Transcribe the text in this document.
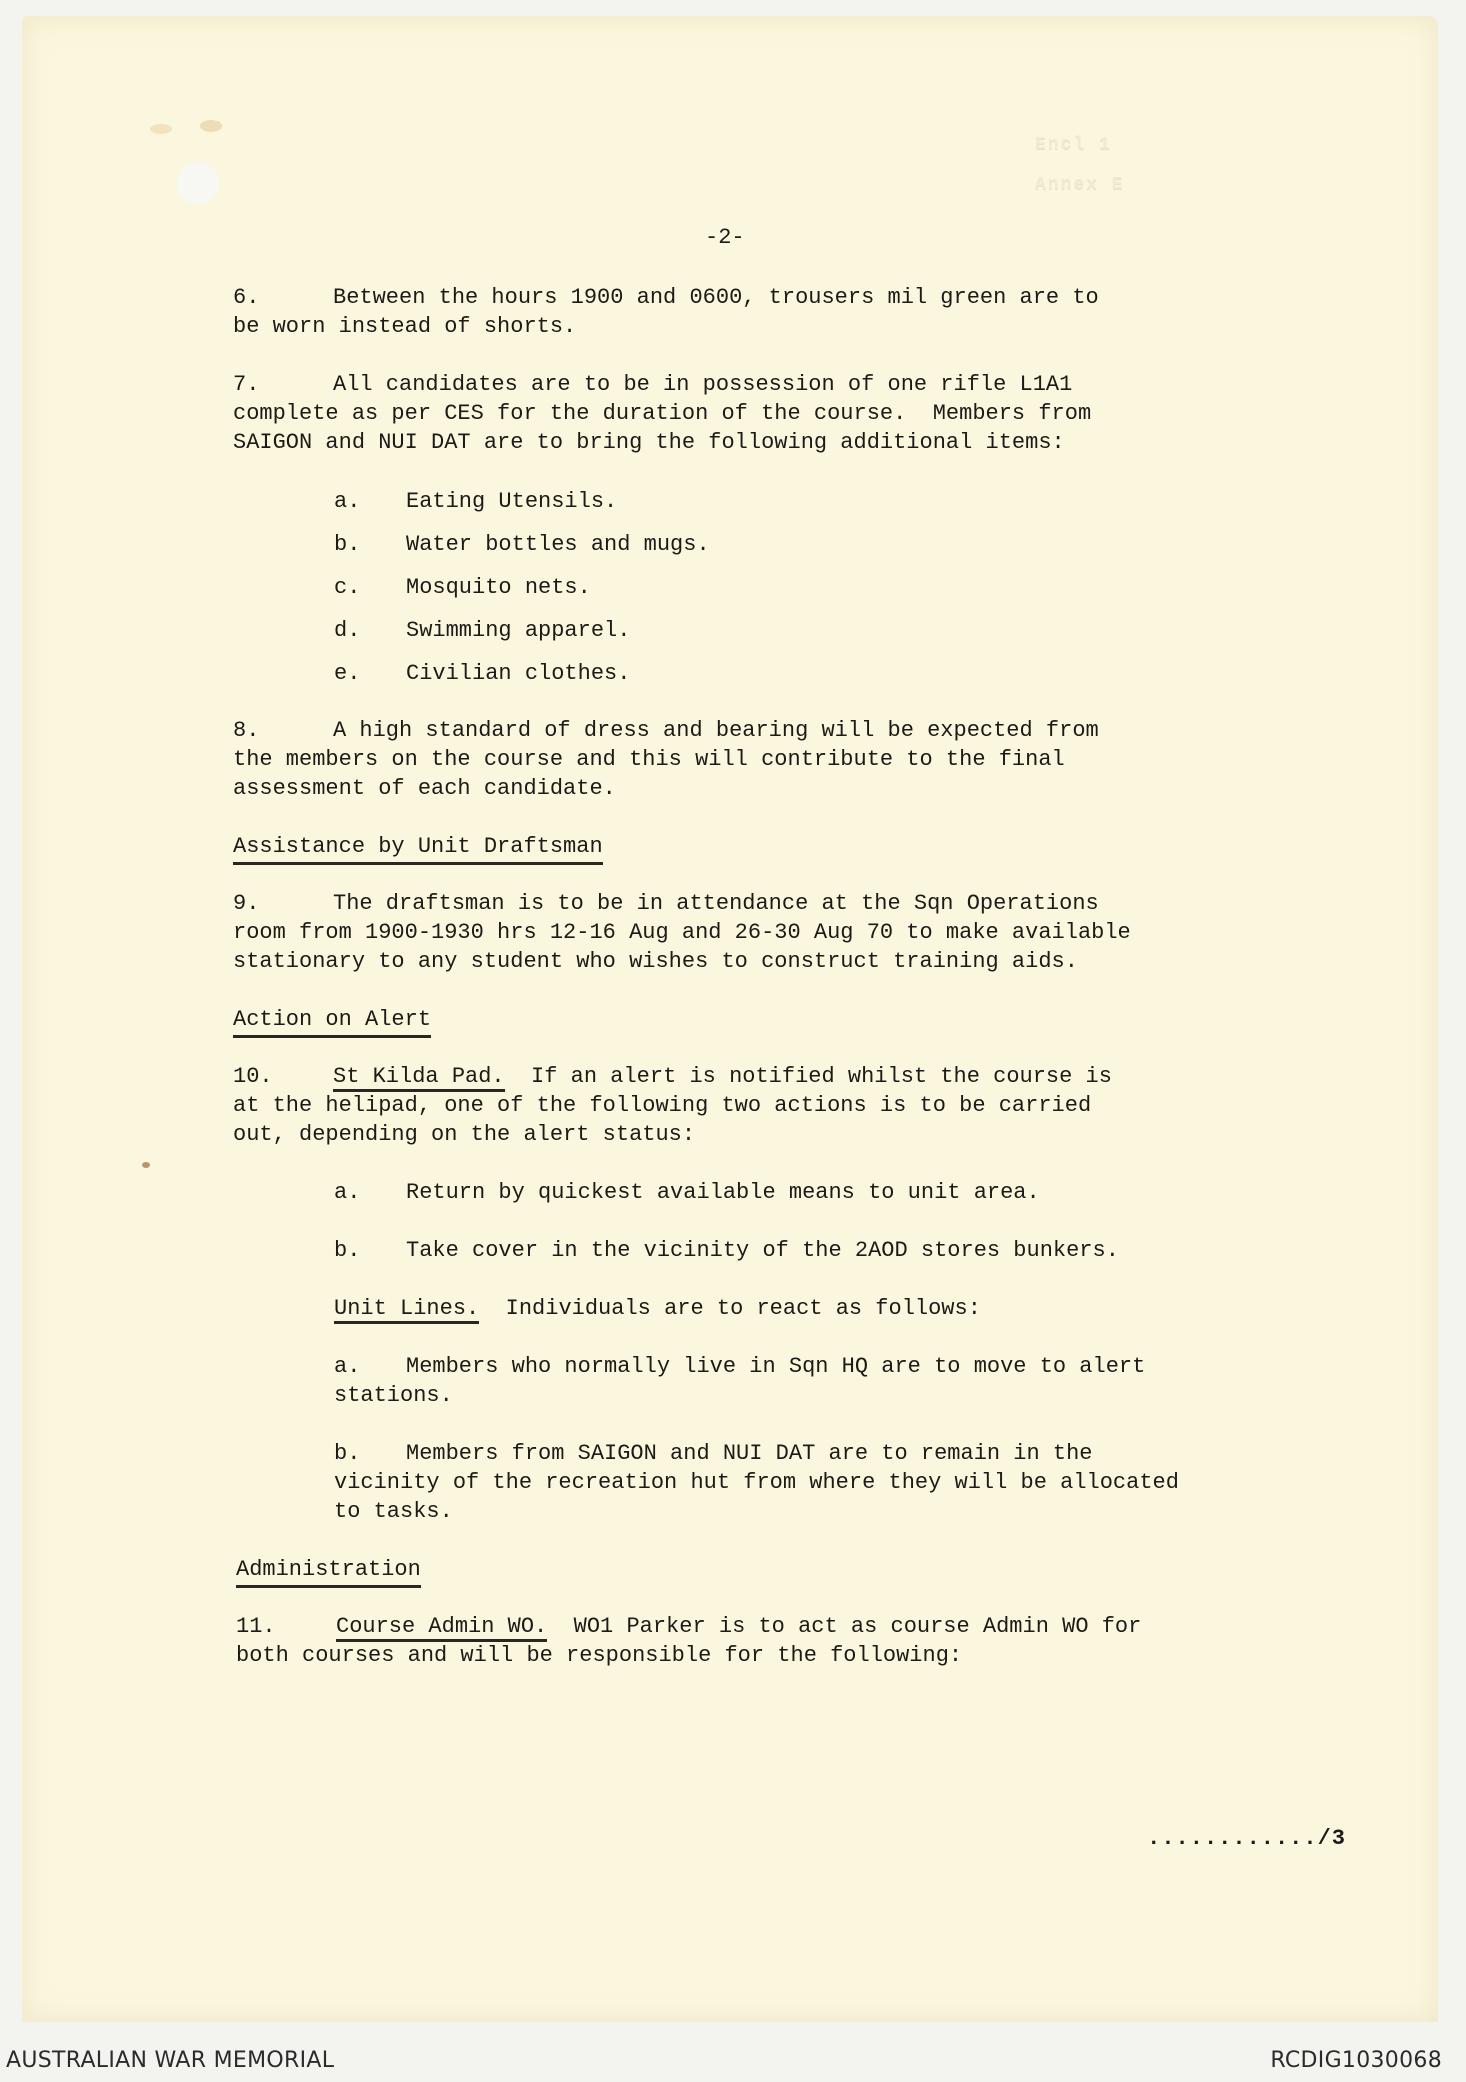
Encl 1
Annex E
-2-
6.	Between the hours 1900 and 0600, trousers mil green are to
be worn instead of shorts.
7.	All candidates are to be in possession of one rifle L1A1
complete as per CES for the duration of the course.  Members from
SAIGON and NUI DAT are to bring the following additional items:
a. Eating Utensils.
b. Water bottles and mugs.
c. Mosquito nets.
d. Swimming apparel.
e. Civilian clothes.
8.	A high standard of dress and bearing will be expected from
the members on the course and this will contribute to the final
assessment of each candidate.
Assistance by Unit Draftsman
9.	The draftsman is to be in attendance at the Sqn Operations
room from 1900-1930 hrs 12-16 Aug and 26-30 Aug 70 to make available
stationary to any student who wishes to construct training aids.
Action on Alert
10.	St Kilda Pad.  If an alert is notified whilst the course is
at the helipad, one of the following two actions is to be carried
out, depending on the alert status:
a. Return by quickest available means to unit area.
b. Take cover in the vicinity of the 2AOD stores bunkers.
Unit Lines.  Individuals are to react as follows:
a. Members who normally live in Sqn HQ are to move to alert
stations.
b. Members from SAIGON and NUI DAT are to remain in the
vicinity of the recreation hut from where they will be allocated
to tasks.
Administration
11.	Course Admin WO.  WO1 Parker is to act as course Admin WO for
both courses and will be responsible for the following:
............/3
AUSTRALIAN WAR MEMORIAL	RCDIG1030068
